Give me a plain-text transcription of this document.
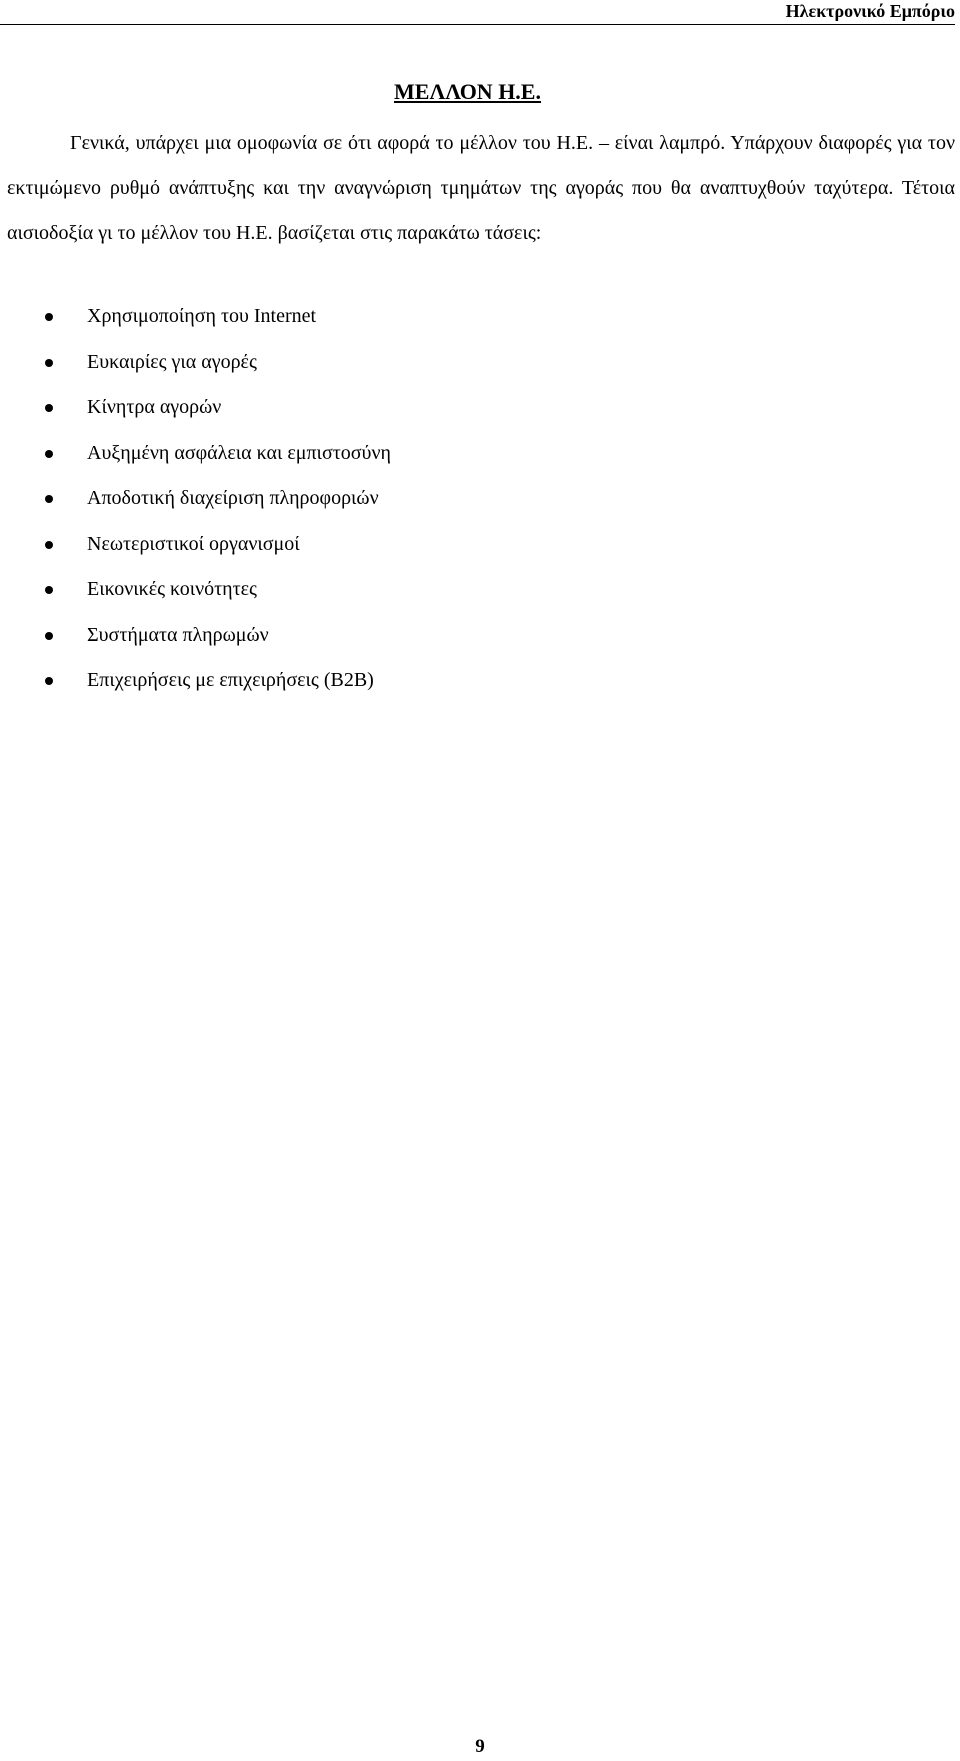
Ηλεκτρονικό Εμπόριο
ΜΕΛΛΟΝ Η.Ε.

Γενικά, υπάρχει μια ομοφωνία σε ότι αφορά το μέλλον του Η.Ε. – είναι λαμπρό. Υπάρχουν διαφορές για τον εκτιμώμενο ρυθμό ανάπτυξης και την αναγνώριση τμημάτων της αγοράς που θα αναπτυχθούν ταχύτερα. Τέτοια αισιοδοξία γι το μέλλον του Η.Ε. βασίζεται στις παρακάτω τάσεις:

Χρησιμοποίηση του Internet
Ευκαιρίες για αγορές
Κίνητρα αγορών
Αυξημένη ασφάλεια και εμπιστοσύνη
Αποδοτική διαχείριση πληροφοριών
Νεωτεριστικοί οργανισμοί
Εικονικές κοινότητες
Συστήματα πληρωμών
Επιχειρήσεις με επιχειρήσεις (B2B)
9
